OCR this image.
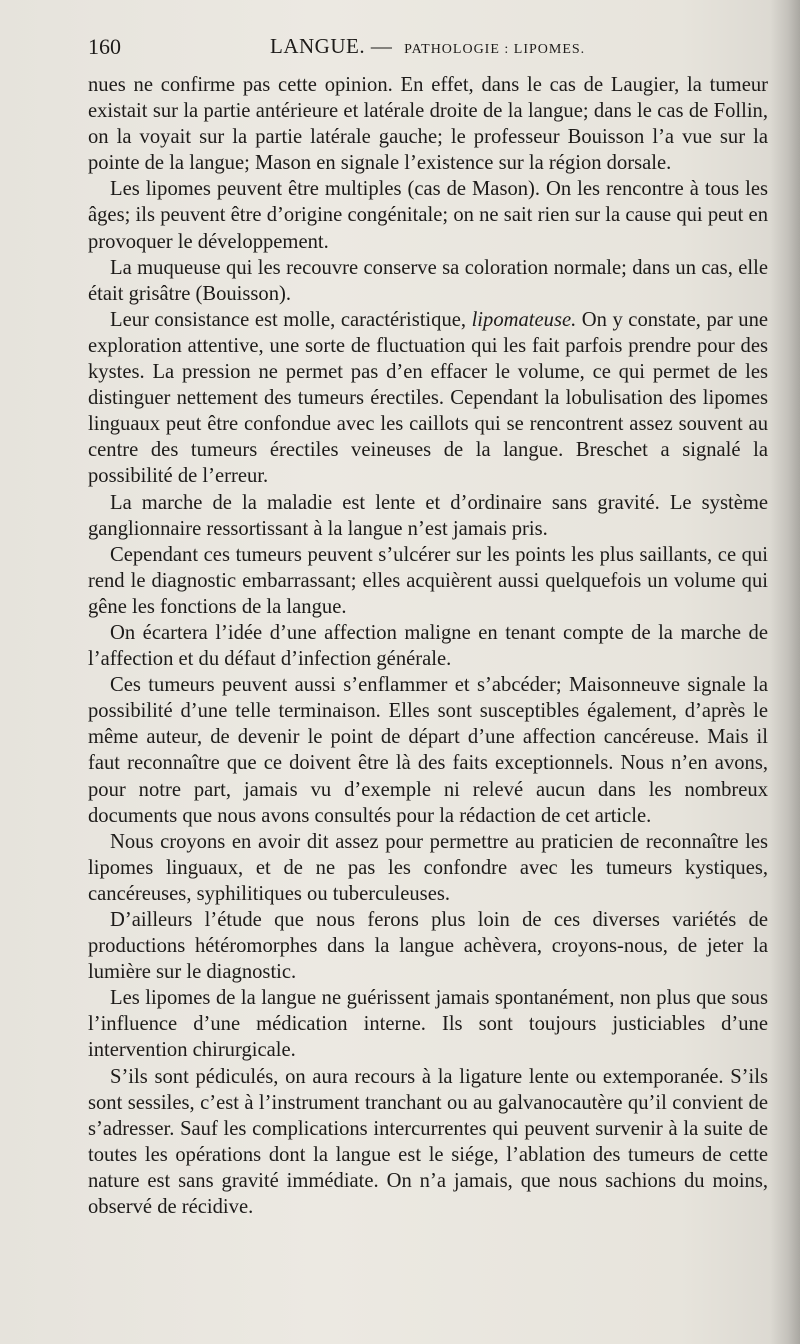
160	LANGUE. — PATHOLOGIE : LIPOMES.

nues ne confirme pas cette opinion. En effet, dans le cas de Laugier, la tumeur existait sur la partie antérieure et latérale droite de la langue; dans le cas de Follin, on la voyait sur la partie latérale gauche; le professeur Bouisson l’a vue sur la pointe de la langue; Mason en signale l’existence sur la région dorsale.

Les lipomes peuvent être multiples (cas de Mason). On les rencontre à tous les âges; ils peuvent être d’origine congénitale; on ne sait rien sur la cause qui peut en provoquer le développement.

La muqueuse qui les recouvre conserve sa coloration normale; dans un cas, elle était grisâtre (Bouisson).

Leur consistance est molle, caractéristique, lipomateuse. On y constate, par une exploration attentive, une sorte de fluctuation qui les fait parfois prendre pour des kystes. La pression ne permet pas d’en effacer le volume, ce qui permet de les distinguer nettement des tumeurs érectiles. Cependant la lobulisation des lipomes linguaux peut être confondue avec les caillots qui se rencontrent assez souvent au centre des tumeurs érectiles veineuses de la langue. Breschet a signalé la possibilité de l’erreur.

La marche de la maladie est lente et d’ordinaire sans gravité. Le système ganglionnaire ressortissant à la langue n’est jamais pris.

Cependant ces tumeurs peuvent s’ulcérer sur les points les plus saillants, ce qui rend le diagnostic embarrassant; elles acquièrent aussi quelquefois un volume qui gêne les fonctions de la langue.

On écartera l’idée d’une affection maligne en tenant compte de la marche de l’affection et du défaut d’infection générale.

Ces tumeurs peuvent aussi s’enflammer et s’abcéder; Maisonneuve signale la possibilité d’une telle terminaison. Elles sont susceptibles également, d’après le même auteur, de devenir le point de départ d’une affection cancéreuse. Mais il faut reconnaître que ce doivent être là des faits exceptionnels. Nous n’en avons, pour notre part, jamais vu d’exemple ni relevé aucun dans les nombreux documents que nous avons consultés pour la rédaction de cet article.

Nous croyons en avoir dit assez pour permettre au praticien de reconnaître les lipomes linguaux, et de ne pas les confondre avec les tumeurs kystiques, cancéreuses, syphilitiques ou tuberculeuses.

D’ailleurs l’étude que nous ferons plus loin de ces diverses variétés de productions hétéromorphes dans la langue achèvera, croyons-nous, de jeter la lumière sur le diagnostic.

Les lipomes de la langue ne guérissent jamais spontanément, non plus que sous l’influence d’une médication interne. Ils sont toujours justiciables d’une intervention chirurgicale.

S’ils sont pédiculés, on aura recours à la ligature lente ou extemporanée. S’ils sont sessiles, c’est à l’instrument tranchant ou au galvanocautère qu’il convient de s’adresser. Sauf les complications intercurrentes qui peuvent survenir à la suite de toutes les opérations dont la langue est le siége, l’ablation des tumeurs de cette nature est sans gravité immédiate. On n’a jamais, que nous sachions du moins, observé de récidive.
